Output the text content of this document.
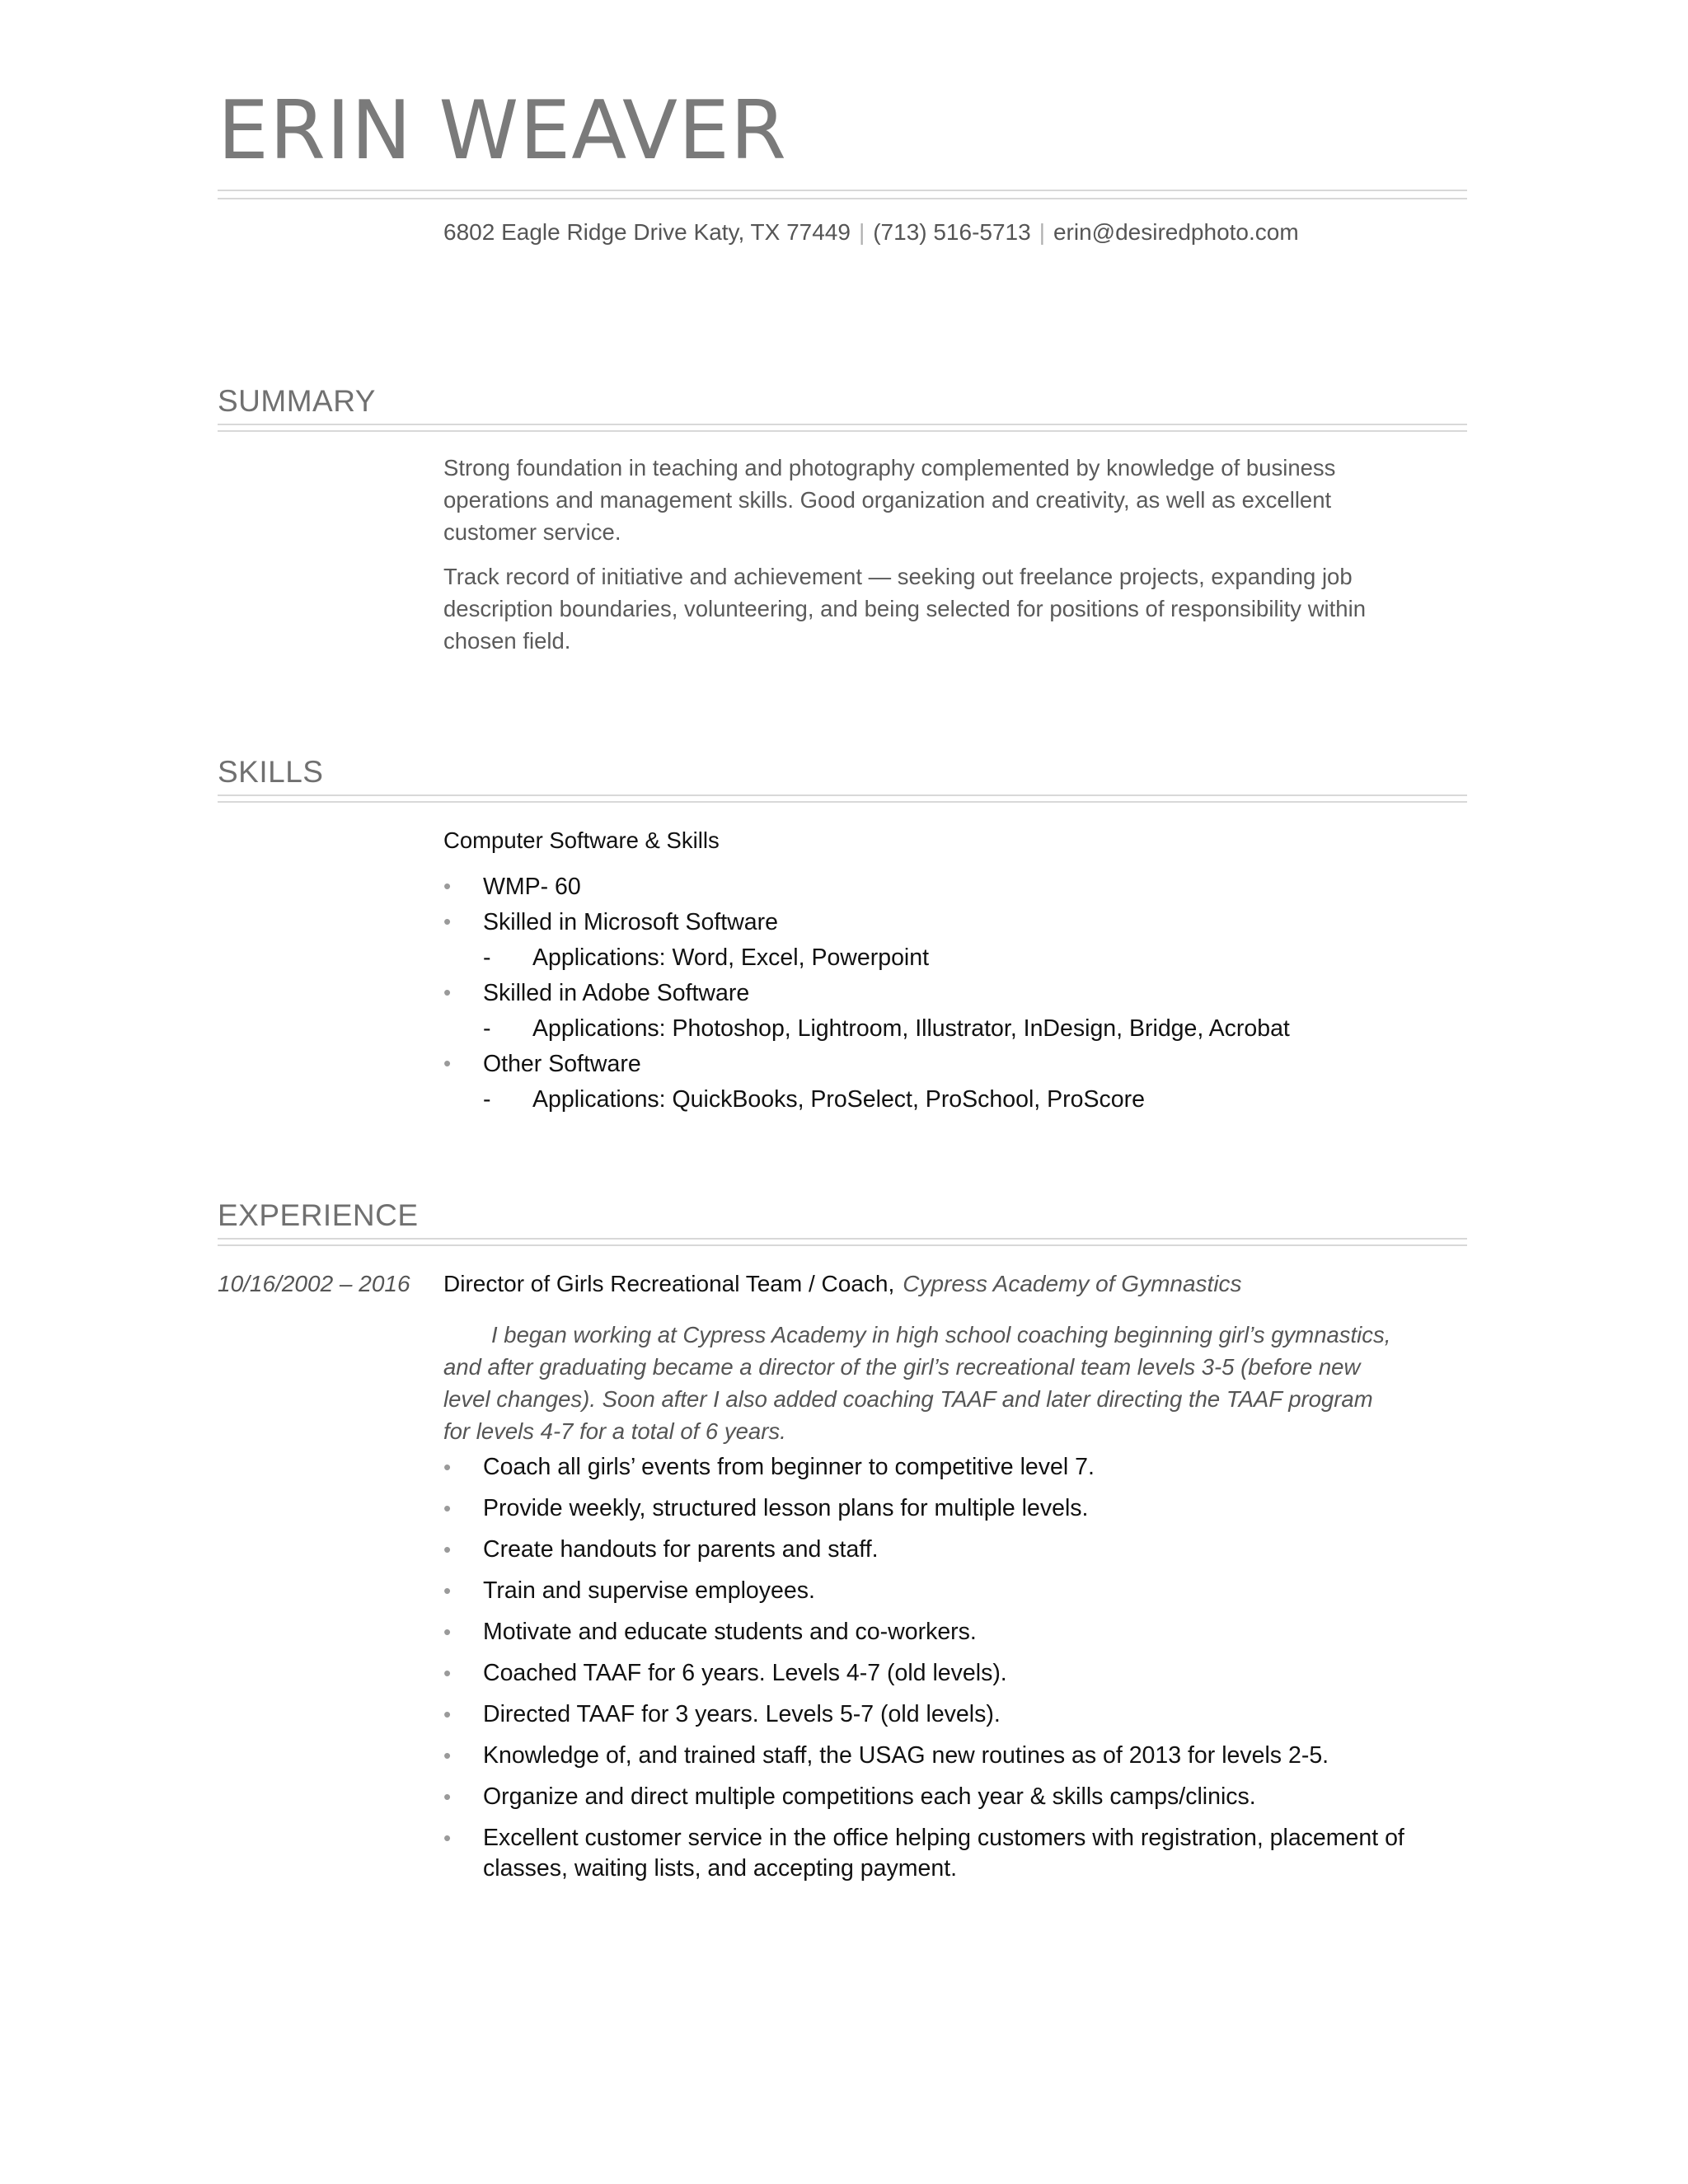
ERIN WEAVER
6802 Eagle Ridge Drive Katy, TX 77449 | (713) 516-5713 | erin@desiredphoto.com
SUMMARY

Strong foundation in teaching and photography complemented by knowledge of business operations and management skills. Good organization and creativity, as well as excellent customer service.

Track record of initiative and achievement — seeking out freelance projects, expanding job description boundaries, volunteering, and being selected for positions of responsibility within chosen field.

SKILLS

Computer Software & Skills

• WMP- 60
• Skilled in Microsoft Software
- Applications: Word, Excel, Powerpoint
• Skilled in Adobe Software
- Applications: Photoshop, Lightroom, Illustrator, InDesign, Bridge, Acrobat
• Other Software
- Applications: QuickBooks, ProSelect, ProSchool, ProScore
EXPERIENCE
10/16/2002 – 2016 Director of Girls Recreational Team / Coach, Cypress Academy of Gymnastics

I began working at Cypress Academy in high school coaching beginning girl’s gymnastics, and after graduating became a director of the girl’s recreational team levels 3-5 (before new level changes). Soon after I also added coaching TAAF and later directing the TAAF program for levels 4-7 for a total of 6 years.

• Coach all girls’ events from beginner to competitive level 7.
• Provide weekly, structured lesson plans for multiple levels.
• Create handouts for parents and staff.
• Train and supervise employees.
• Motivate and educate students and co-workers.
• Coached TAAF for 6 years. Levels 4-7 (old levels).
• Directed TAAF for 3 years. Levels 5-7 (old levels).
• Knowledge of, and trained staff, the USAG new routines as of 2013 for levels 2-5.
• Organize and direct multiple competitions each year & skills camps/clinics.
• Excellent customer service in the office helping customers with registration, placement of classes, waiting lists, and accepting payment.
